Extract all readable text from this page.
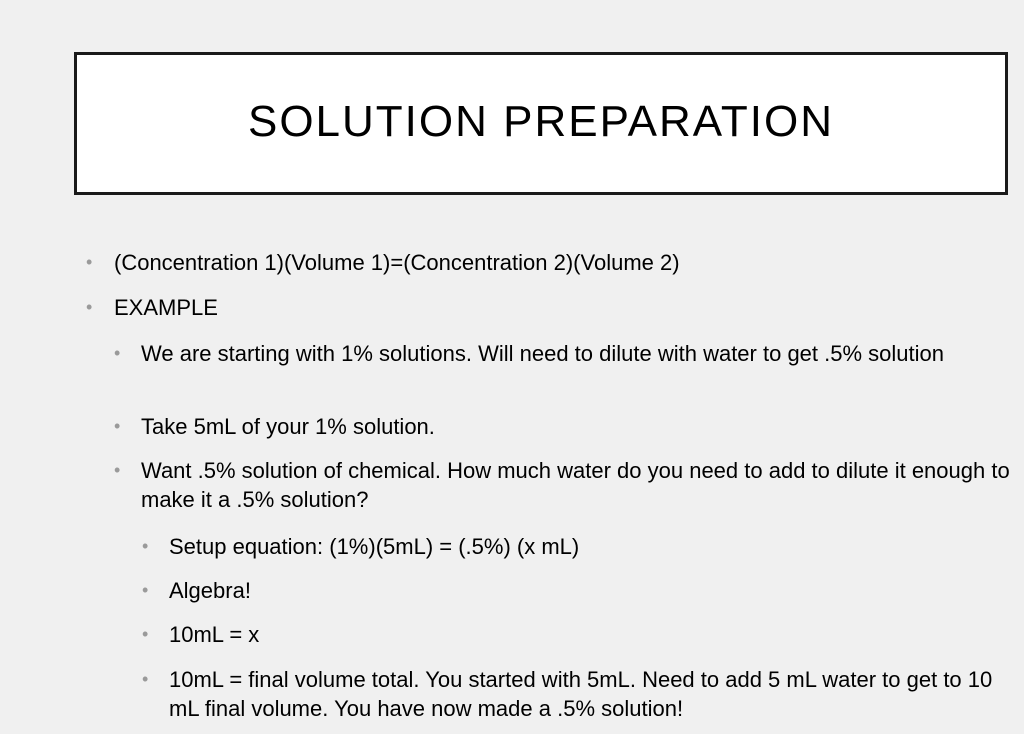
SOLUTION PREPARATION
• (Concentration 1)(Volume 1)=(Concentration 2)(Volume 2)
• EXAMPLE
• We are starting with 1% solutions. Will need to dilute with water to get .5% solution
• Take 5mL of your 1% solution.
• Want .5% solution of chemical. How much water do you need to add to dilute it enough to make it a .5% solution?
• Setup equation: (1%)(5mL) = (.5%) (x mL)
• Algebra!
• 10mL = x
• 10mL = final volume total. You started with 5mL. Need to add 5 mL water to get to 10 mL final volume. You have now made a .5% solution!
